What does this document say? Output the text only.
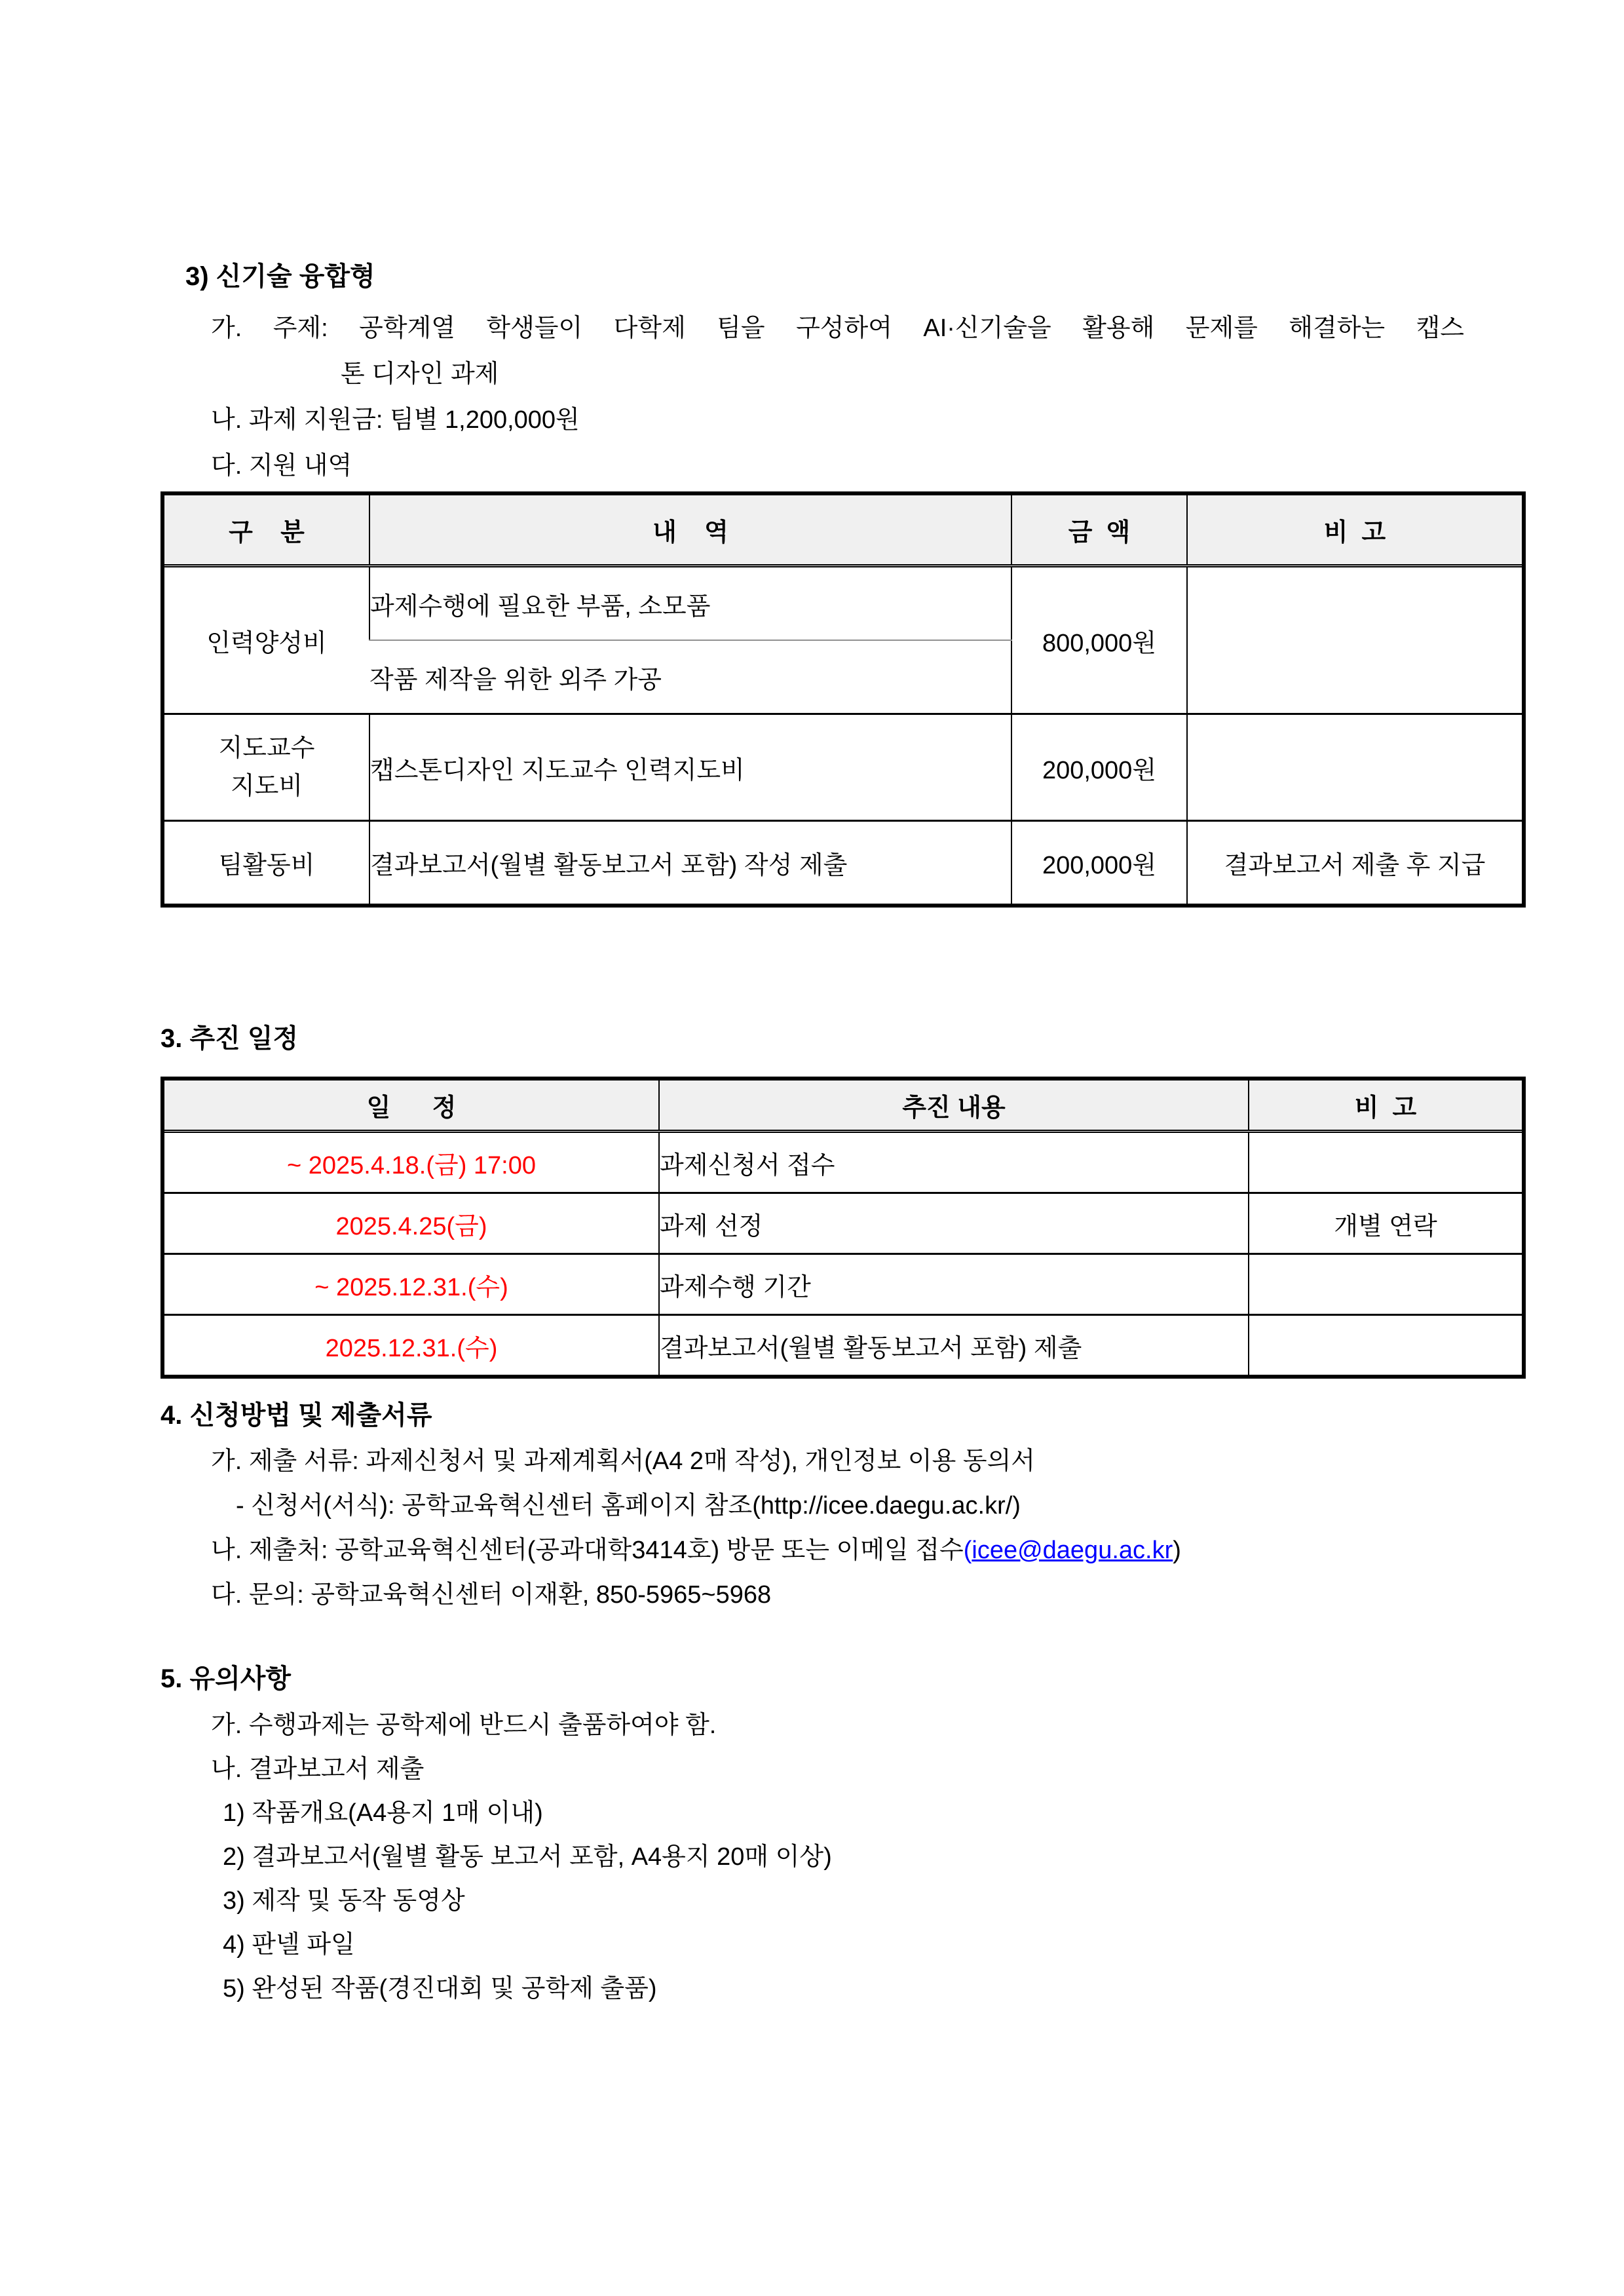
3) 신기술 융합형

가. 주제: 공학계열 학생들이 다학제 팀을 구성하여 AI·신기술을 활용해 문제를 해결하는 캡스
톤 디자인 과제
나. 과제 지원금: 팀별 1,200,000원
다. 지원 내역
구    분	내    역	금  액	비  고
인력양성비	과제수행에 필요한 부품, 소모품	800,000원	
	작품 제작을 위한 외주 가공		
지도교수
지도비	캡스톤디자인 지도교수 인력지도비	200,000원	
팀활동비	결과보고서(월별 활동보고서 포함) 작성 제출	200,000원	결과보고서 제출 후 지급

3. 추진 일정

일      정	추진 내용	비  고
~ 2025.4.18.(금) 17:00	과제신청서 접수	
2025.4.25(금)	과제 선정	개별 연락
~ 2025.12.31.(수)	과제수행 기간	
2025.12.31.(수)	결과보고서(월별 활동보고서 포함) 제출	

4. 신청방법 및 제출서류

가. 제출 서류: 과제신청서 및 과제계획서(A4 2매 작성), 개인정보 이용 동의서
- 신청서(서식): 공학교육혁신센터 홈페이지 참조(http://icee.daegu.ac.kr/)
나. 제출처: 공학교육혁신센터(공과대학3414호) 방문 또는 이메일 접수(icee@daegu.ac.kr)
다. 문의: 공학교육혁신센터 이재환, 850-5965~5968

5. 유의사항

가. 수행과제는 공학제에 반드시 출품하여야 함.
나. 결과보고서 제출
1) 작품개요(A4용지 1매 이내)
2) 결과보고서(월별 활동 보고서 포함, A4용지 20매 이상)
3) 제작 및 동작 동영상
4) 판넬 파일
5) 완성된 작품(경진대회 및 공학제 출품)
